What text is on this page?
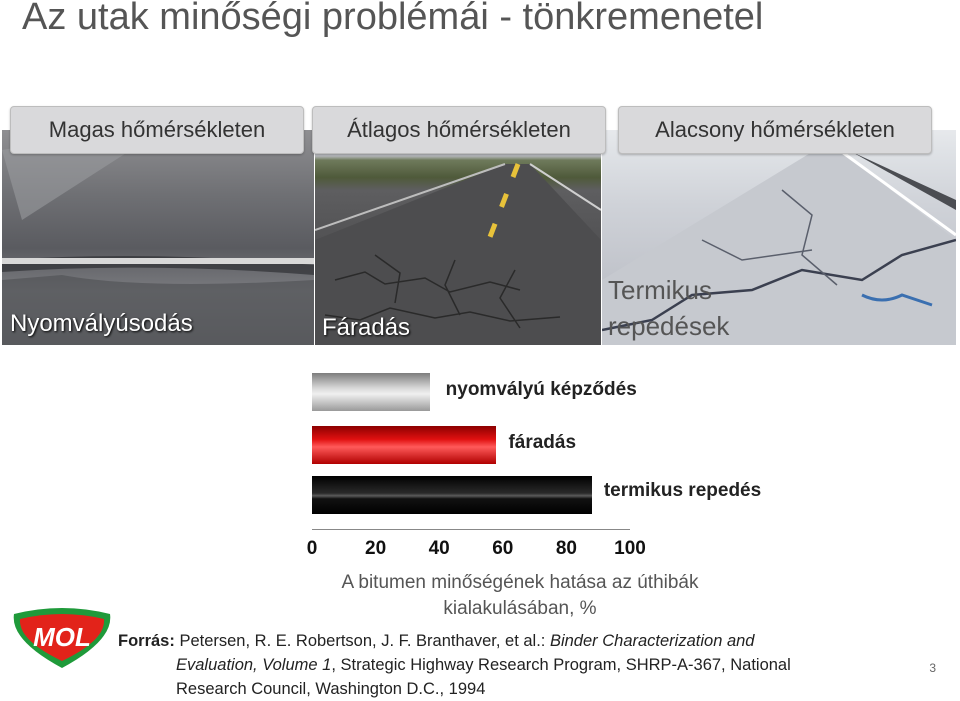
Az utak minőségi problémái - tönkremenetel
Magas hőmérsékleten	Átlagos hőmérsékleten	Alacsony hőmérsékleten
Nyomvályúsodás	Fáradás
Termikus
repedések
nyomvályú képződés
fáradás
termikus repedés
0	20 40 60 80 100
A bitumen minőségének hatása az úthibák
kialakulásában, %
MOL Forrás: Petersen, R. E. Robertson, J. F. Branthaver, et al.: Binder Characterization and
Evaluation, Volume 1, Strategic Highway Research Program, SHRP-A-367, National
Research Council, Washington D.C., 1994
3
